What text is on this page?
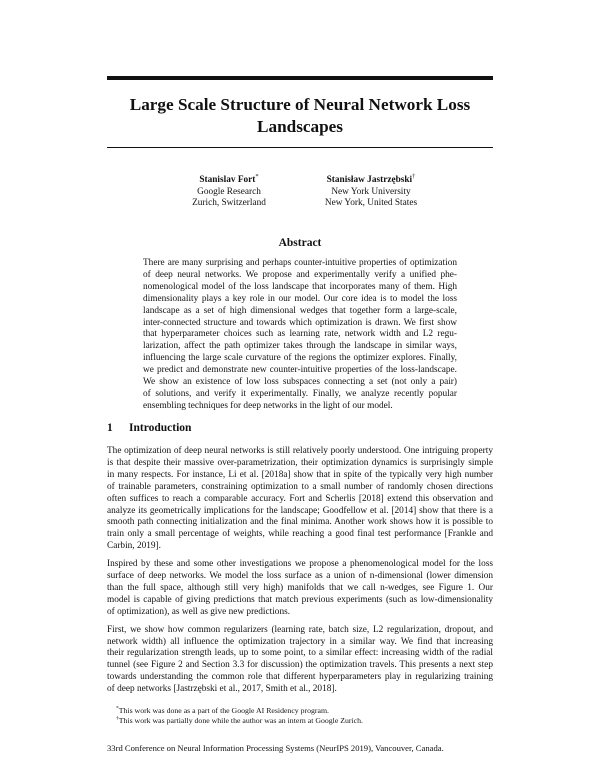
Large Scale Structure of Neural Network Loss Landscapes
Stanislav Fort*
Google Research
Zurich, Switzerland
Stanisław Jastrzębski†
New York University
New York, United States
Abstract
There are many surprising and perhaps counter-intuitive properties of optimization
of deep neural networks. We propose and experimentally verify a unified phe-
nomenological model of the loss landscape that incorporates many of them. High
dimensionality plays a key role in our model. Our core idea is to model the loss
landscape as a set of high dimensional wedges that together form a large-scale,
inter-connected structure and towards which optimization is drawn. We first show
that hyperparameter choices such as learning rate, network width and L2 regu-
larization, affect the path optimizer takes through the landscape in similar ways,
influencing the large scale curvature of the regions the optimizer explores. Finally,
we predict and demonstrate new counter-intuitive properties of the loss-landscape.
We show an existence of low loss subspaces connecting a set (not only a pair)
of solutions, and verify it experimentally. Finally, we analyze recently popular
ensembling techniques for deep networks in the light of our model.
1 Introduction
The optimization of deep neural networks is still relatively poorly understood. One intriguing property
is that despite their massive over-parametrization, their optimization dynamics is surprisingly simple
in many respects. For instance, Li et al. [2018a] show that in spite of the typically very high number
of trainable parameters, constraining optimization to a small number of randomly chosen directions
often suffices to reach a comparable accuracy. Fort and Scherlis [2018] extend this observation and
analyze its geometrically implications for the landscape; Goodfellow et al. [2014] show that there is a
smooth path connecting initialization and the final minima. Another work shows how it is possible to
train only a small percentage of weights, while reaching a good final test performance [Frankle and
Carbin, 2019].
Inspired by these and some other investigations we propose a phenomenological model for the loss
surface of deep networks. We model the loss surface as a union of n-dimensional (lower dimension
than the full space, although still very high) manifolds that we call n-wedges, see Figure 1. Our
model is capable of giving predictions that match previous experiments (such as low-dimensionality
of optimization), as well as give new predictions.
First, we show how common regularizers (learning rate, batch size, L2 regularization, dropout, and
network width) all influence the optimization trajectory in a similar way. We find that increasing
their regularization strength leads, up to some point, to a similar effect: increasing width of the radial
tunnel (see Figure 2 and Section 3.3 for discussion) the optimization travels. This presents a next step
towards understanding the common role that different hyperparameters play in regularizing training
of deep networks [Jastrzębski et al., 2017, Smith et al., 2018].
*This work was done as a part of the Google AI Residency program.
†This work was partially done while the author was an intern at Google Zurich.
33rd Conference on Neural Information Processing Systems (NeurIPS 2019), Vancouver, Canada.
